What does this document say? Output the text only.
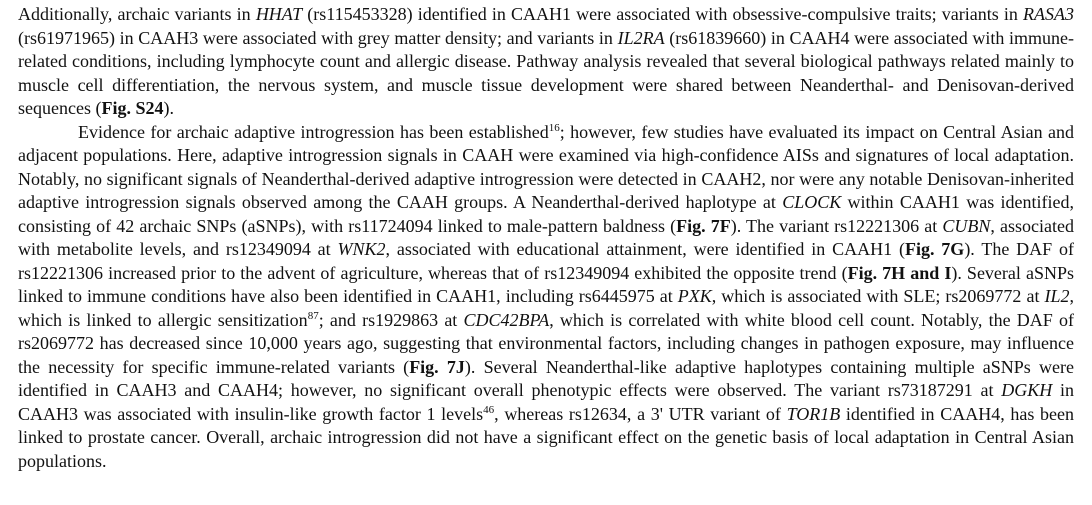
Additionally, archaic variants in HHAT (rs115453328) identified in CAAH1 were associated with obsessive-compulsive traits; variants in RASA3 (rs61971965) in CAAH3 were associated with grey matter density; and variants in IL2RA (rs61839660) in CAAH4 were associated with immune-related conditions, including lymphocyte count and allergic disease. Pathway analysis revealed that several biological pathways related mainly to muscle cell differentiation, the nervous system, and muscle tissue development were shared between Neanderthal- and Denisovan-derived sequences (Fig. S24).

Evidence for archaic adaptive introgression has been established$^{16}$; however, few studies have evaluated its impact on Central Asian and adjacent populations. Here, adaptive introgression signals in CAAH were examined via high-confidence AISs and signatures of local adaptation. Notably, no significant signals of Neanderthal-derived adaptive introgression were detected in CAAH2, nor were any notable Denisovan-inherited adaptive introgression signals observed among the CAAH groups. A Neanderthal-derived haplotype at CLOCK within CAAH1 was identified, consisting of 42 archaic SNPs (aSNPs), with rs11724094 linked to male-pattern baldness (Fig. 7F). The variant rs12221306 at CUBN, associated with metabolite levels, and rs12349094 at WNK2, associated with educational attainment, were identified in CAAH1 (Fig. 7G). The DAF of rs12221306 increased prior to the advent of agriculture, whereas that of rs12349094 exhibited the opposite trend (Fig. 7H and I). Several aSNPs linked to immune conditions have also been identified in CAAH1, including rs6445975 at PXK, which is associated with SLE; rs2069772 at IL2, which is linked to allergic sensitization$^{87}$; and rs1929863 at CDC42BPA, which is correlated with white blood cell count. Notably, the DAF of rs2069772 has decreased since 10,000 years ago, suggesting that environmental factors, including changes in pathogen exposure, may influence the necessity for specific immune-related variants (Fig. 7J). Several Neanderthal-like adaptive haplotypes containing multiple aSNPs were identified in CAAH3 and CAAH4; however, no significant overall phenotypic effects were observed. The variant rs73187291 at DGKH in CAAH3 was associated with insulin-like growth factor 1 levels$^{46}$, whereas rs12634, a 3' UTR variant of TOR1B identified in CAAH4, has been linked to prostate cancer. Overall, archaic introgression did not have a significant effect on the genetic basis of local adaptation in Central Asian populations.
